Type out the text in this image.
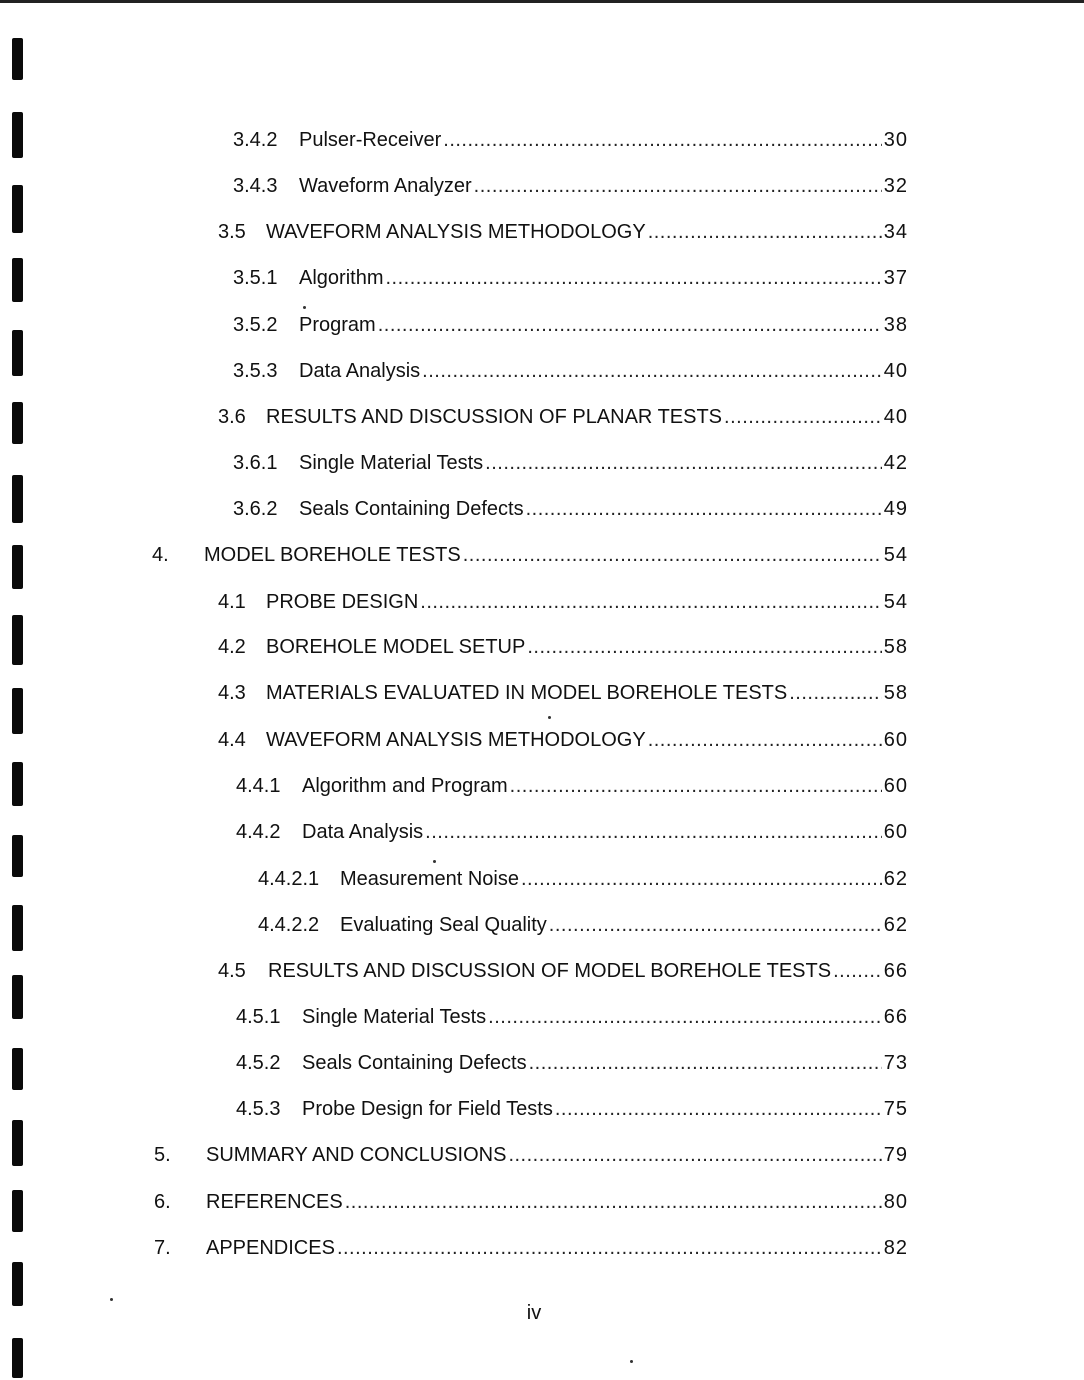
3.4.2	Pulser-Receiver .....	30
3.4.3	Waveform Analyzer .....	32
3.5	WAVEFORM ANALYSIS METHODOLOGY .....	34
3.5.1	Algorithm .....	37
3.5.2	Program .....	38
3.5.3	Data Analysis .....	40
3.6	RESULTS AND DISCUSSION OF PLANAR TESTS .....	40
3.6.1	Single Material Tests .....	42
3.6.2	Seals Containing Defects .....	49
4.	MODEL BOREHOLE TESTS .....	54
4.1	PROBE DESIGN .....	54
4.2	BOREHOLE MODEL SETUP .....	58
4.3	MATERIALS EVALUATED IN MODEL BOREHOLE TESTS .....	58
4.4	WAVEFORM ANALYSIS METHODOLOGY .....	60
4.4.1	Algorithm and Program .....	60
4.4.2	Data Analysis .....	60
4.4.2.1	Measurement Noise .....	62
4.4.2.2	Evaluating Seal Quality .....	62
4.5	RESULTS AND DISCUSSION OF MODEL BOREHOLE TESTS .....	66
4.5.1	Single Material Tests .....	66
4.5.2	Seals Containing Defects .....	73
4.5.3	Probe Design for Field Tests .....	75
5.	SUMMARY AND CONCLUSIONS .....	79
6.	REFERENCES .....	80
7.	APPENDICES .....	82
iv
